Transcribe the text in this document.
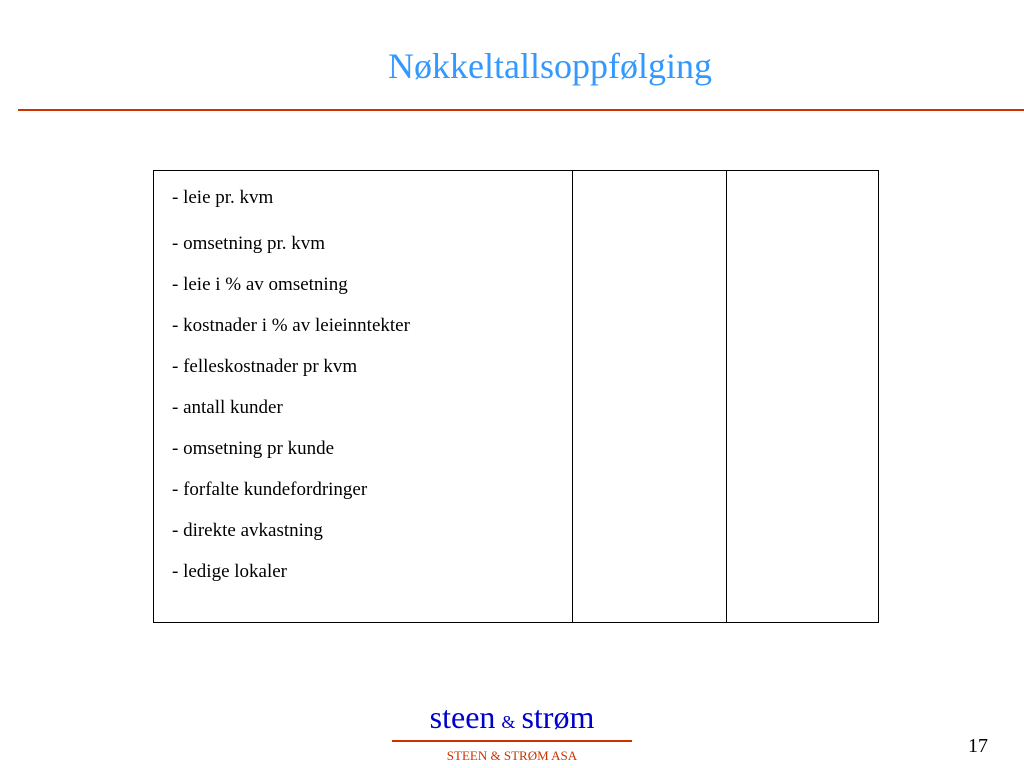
Nøkkeltallsoppfølging
- leie pr. kvm
- omsetning pr. kvm
- leie i % av omsetning
- kostnader i % av leieinntekter
- felleskostnader pr kvm
- antall kunder
- omsetning pr kunde
- forfalte kundefordringer
- direkte avkastning
- ledige lokaler
steen & strøm
STEEN & STRØM ASA	17
